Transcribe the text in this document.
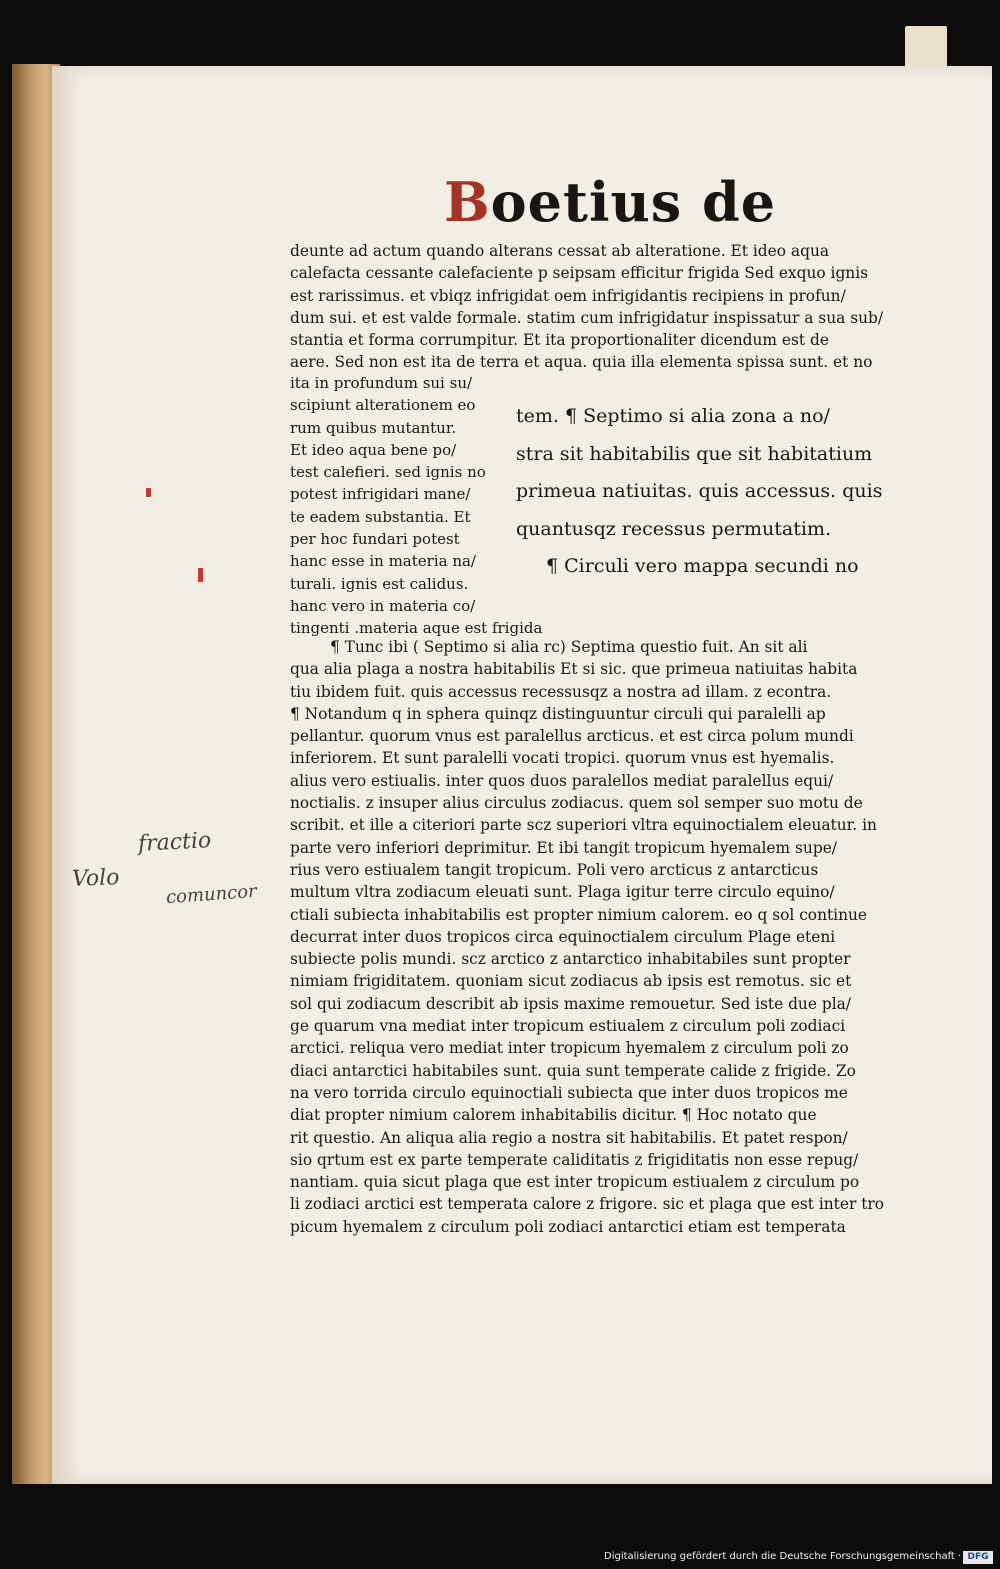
Boetius de
deunte ad actum quando alterans cessat ab alteratione. Et ideo aqua
calefacta cessante calefaciente p seipsam efficitur frigida Sed exquo ignis
est rarissimus. et vbiqz infrigidat oem infrigidantis recipiens in profun/
dum sui. et est valde formale. statim cum infrigidatur inspissatur a sua sub/
stantia et forma corrumpitur. Et ita proportionaliter dicendum est de
aere. Sed non est ita de terra et aqua. quia illa elementa spissa sunt. et no
ita in profundum sui su/
scipiunt alterationem eo
rum quibus mutantur.
Et ideo aqua bene po/
test calefieri. sed ignis no
potest infrigidari mane/
te eadem substantia. Et
per hoc fundari potest
hanc esse in materia na/
turali. ignis est calidus.
hanc vero in materia co/
tingenti .materia aque est frigida
tem. ¶ Septimo si alia zona a no/
stra sit habitabilis que sit habitatium
primeua natiuitas. quis accessus. quis
quantusqz recessus permutatim.
¶ Circuli vero mappa secundi no
¶ Tunc ibi ( Septimo si alia rc) Septima questio fuit. An sit ali
qua alia plaga a nostra habitabilis Et si sic. que primeua natiuitas habita
tiu ibidem fuit. quis accessus recessusqz a nostra ad illam. z econtra.
¶ Notandum q in sphera quinqz distinguuntur circuli qui paralelli ap
pellantur. quorum vnus est paralellus arcticus. et est circa polum mundi
inferiorem. Et sunt paralelli vocati tropici. quorum vnus est hyemalis.
alius vero estiualis. inter quos duos paralellos mediat paralellus equi/
noctialis. z insuper alius circulus zodiacus. quem sol semper suo motu de
scribit. et ille a citeriori parte scz superiori vltra equinoctialem eleuatur. in
parte vero inferiori deprimitur. Et ibi tangit tropicum hyemalem supe/
rius vero estiualem tangit tropicum. Poli vero arcticus z antarcticus
multum vltra zodiacum eleuati sunt. Plaga igitur terre circulo equino/
ctiali subiecta inhabitabilis est propter nimium calorem. eo q sol continue
decurrat inter duos tropicos circa equinoctialem circulum Plage eteni
subiecte polis mundi. scz arctico z antarctico inhabitabiles sunt propter
nimiam frigiditatem. quoniam sicut zodiacus ab ipsis est remotus. sic et
sol qui zodiacum describit ab ipsis maxime remouetur. Sed iste due pla/
ge quarum vna mediat inter tropicum estiualem z circulum poli zodiaci
arctici. reliqua vero mediat inter tropicum hyemalem z circulum poli zo
diaci antarctici habitabiles sunt. quia sunt temperate calide z frigide. Zo
na vero torrida circulo equinoctiali subiecta que inter duos tropicos me
diat propter nimium calorem inhabitabilis dicitur. ¶ Hoc notato que
rit questio. An aliqua alia regio a nostra sit habitabilis. Et patet respon/
sio qrtum est ex parte temperate caliditatis z frigiditatis non esse repug/
nantiam. quia sicut plaga que est inter tropicum estiualem z circulum po
li zodiaci arctici est temperata calore z frigore. sic et plaga que est inter tro
picum hyemalem z circulum poli zodiaci antarctici etiam est temperata
fractio
Volo
comuncor
Digitalisierung gefördert durch die Deutsche Forschungsgemeinschaft · DFG
